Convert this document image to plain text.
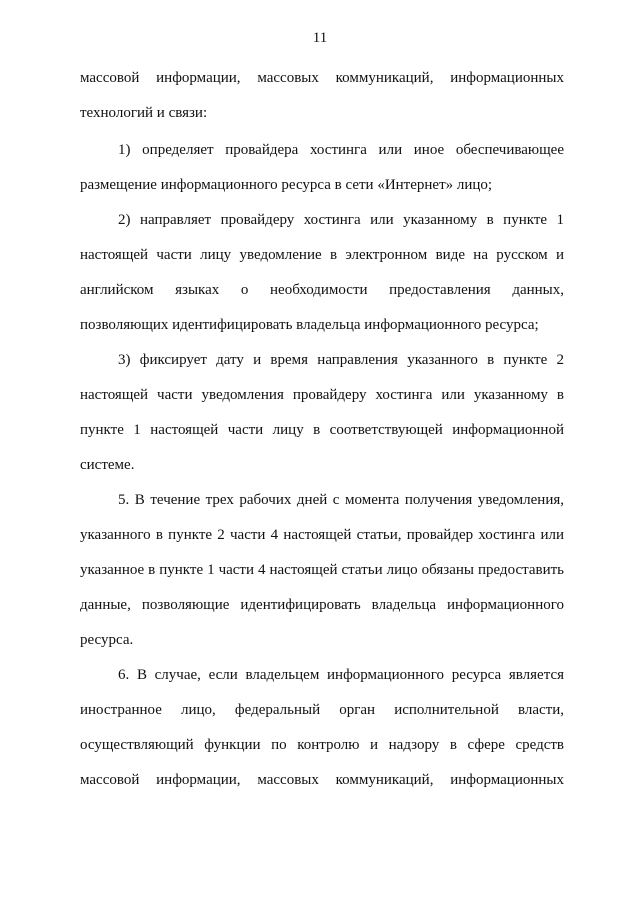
11
массовой информации, массовых коммуникаций, информационных
технологий и связи:
1) определяет провайдера хостинга или иное обеспечивающее
размещение информационного ресурса в сети «Интернет» лицо;
2) направляет провайдеру хостинга или указанному в пункте 1
настоящей части лицу уведомление в электронном виде на русском и
английском языках о необходимости предоставления данных,
позволяющих идентифицировать владельца информационного ресурса;
3) фиксирует дату и время направления указанного в пункте 2
настоящей части уведомления провайдеру хостинга или указанному в
пункте 1 настоящей части лицу в соответствующей информационной
системе.
5. В течение трех рабочих дней с момента получения уведомления,
указанного в пункте 2 части 4 настоящей статьи, провайдер хостинга или
указанное в пункте 1 части 4 настоящей статьи лицо обязаны предоставить
данные, позволяющие идентифицировать владельца информационного
ресурса.
6. В случае, если владельцем информационного ресурса является
иностранное лицо, федеральный орган исполнительной власти,
осуществляющий функции по контролю и надзору в сфере средств
массовой информации, массовых коммуникаций, информационных
